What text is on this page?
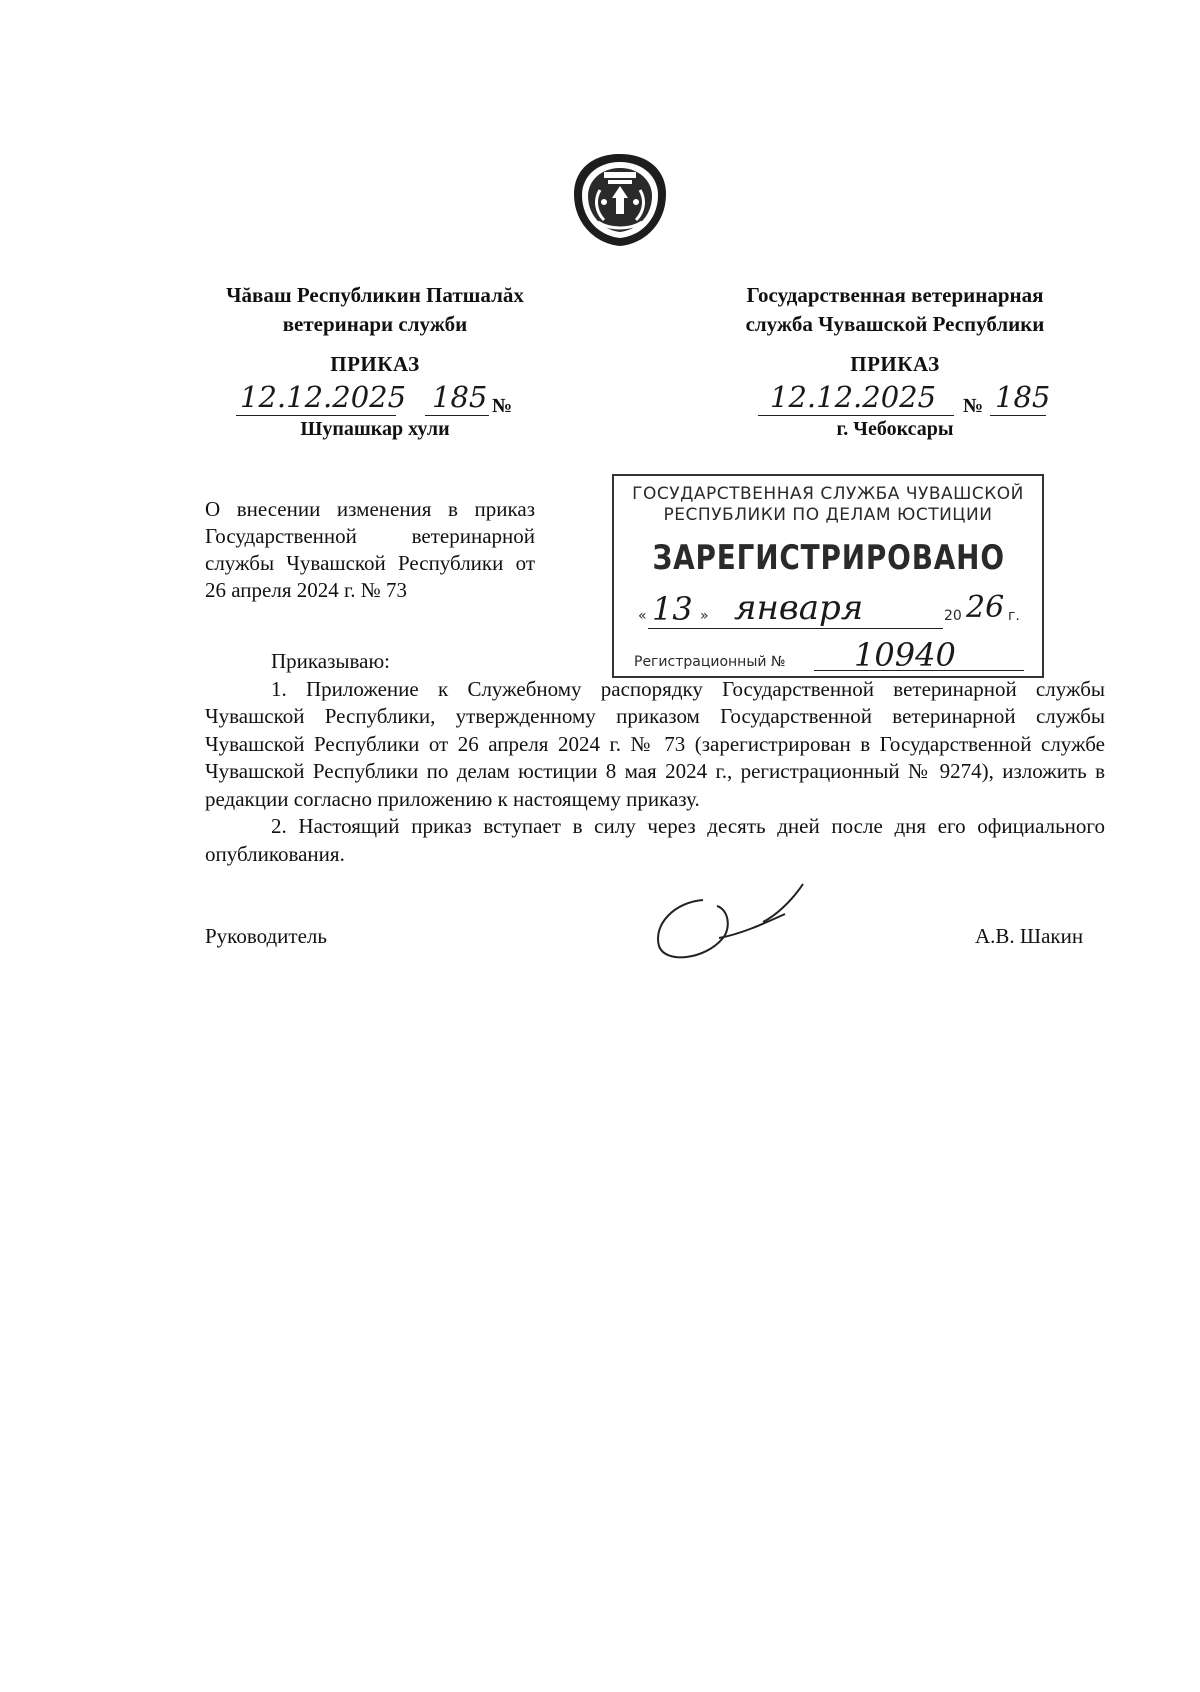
Чăваш Республикин Патшалăх
ветеринари служби
ПРИКАЗ
12.12.2025 185 №
Шупашкар хули
Государственная ветеринарная
служба Чувашской Республики
ПРИКАЗ
12.12.2025 № 185
г. Чебоксары
О внесении изменения в приказ Государственной ветеринарной службы Чувашской Республики от 26 апреля 2024 г. № 73
ГОСУДАРСТВЕННАЯ СЛУЖБА ЧУВАШСКОЙ
РЕСПУБЛИКИ ПО ДЕЛАМ ЮСТИЦИИ
ЗАРЕГИСТРИРОВАНО
« 13 » января	20 26 г.
Регистрационный № 10940

Приказываю:

1. Приложение к Служебному распорядку Государственной ветеринарной службы Чувашской Республики, утвержденному приказом Государственной ветеринарной службы Чувашской Республики от 26 апреля 2024 г. № 73 (зарегистрирован в Государственной службе Чувашской Республики по делам юстиции 8 мая 2024 г., регистрационный № 9274), изложить в редакции согласно приложению к настоящему приказу.

2. Настоящий приказ вступает в силу через десять дней после дня его официального опубликования.

Руководитель	А.В. Шакин
